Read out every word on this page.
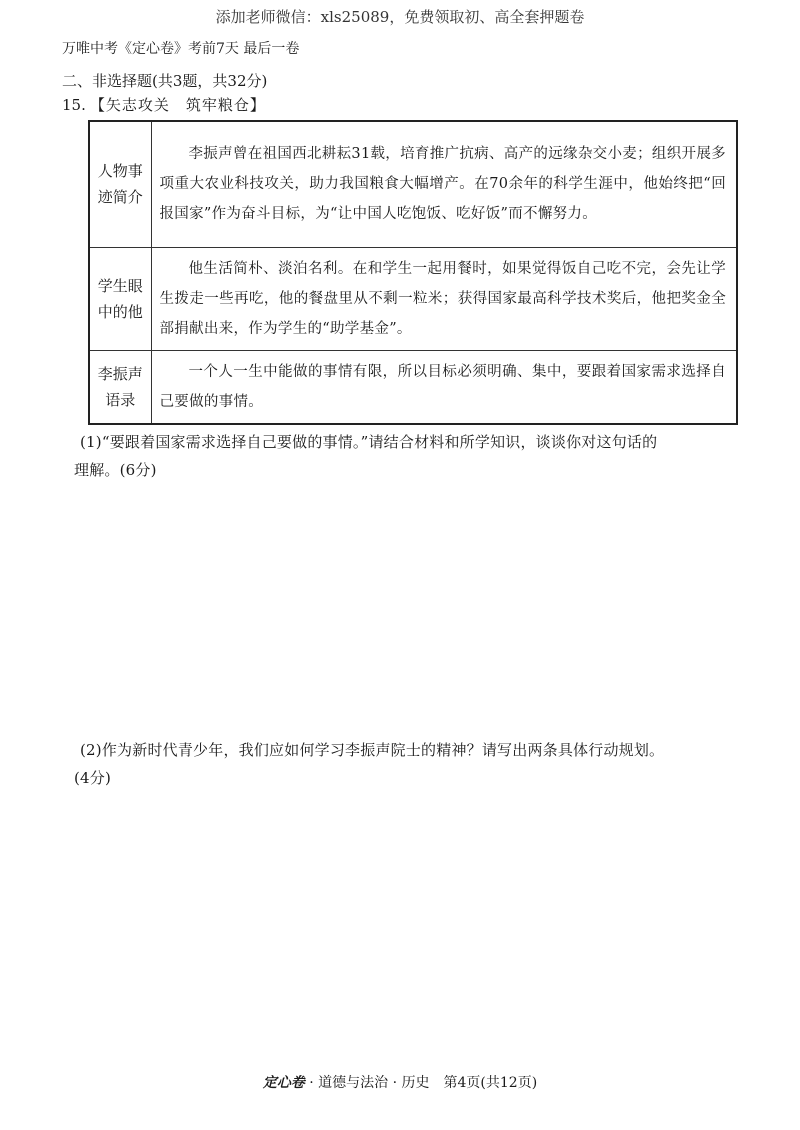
添加老师微信：xls25089，免费领取初、高全套押题卷
万唯中考《定心卷》考前7天 最后一卷
二、非选择题(共3题，共32分)
15. 【矢志攻关　筑牢粮仓】
人物事
迹简介	李振声曾在祖国西北耕耘31载，培育推广抗病、高产的远缘杂交小麦；组织开展多项重大农业科技攻关，助力我国粮食大幅增产。在70余年的科学生涯中，他始终把“回报国家”作为奋斗目标，为“让中国人吃饱饭、吃好饭”而不懈努力。

学生眼
中的他	他生活简朴、淡泊名利。在和学生一起用餐时，如果觉得饭自己吃不完，会先让学生拨走一些再吃，他的餐盘里从不剩一粒米；获得国家最高科学技术奖后，他把奖金全部捐献出来，作为学生的“助学基金”。

李振声
语录	一个人一生中能做的事情有限，所以目标必须明确、集中，要跟着国家需求选择自己要做的事情。
(1)“要跟着国家需求选择自己要做的事情。”请结合材料和所学知识，谈谈你对这句话的
理解。(6分)
(2)作为新时代青少年，我们应如何学习李振声院士的精神？请写出两条具体行动规划。
(4分)
定心卷 · 道德与法治 · 历史　第4页(共12页)
